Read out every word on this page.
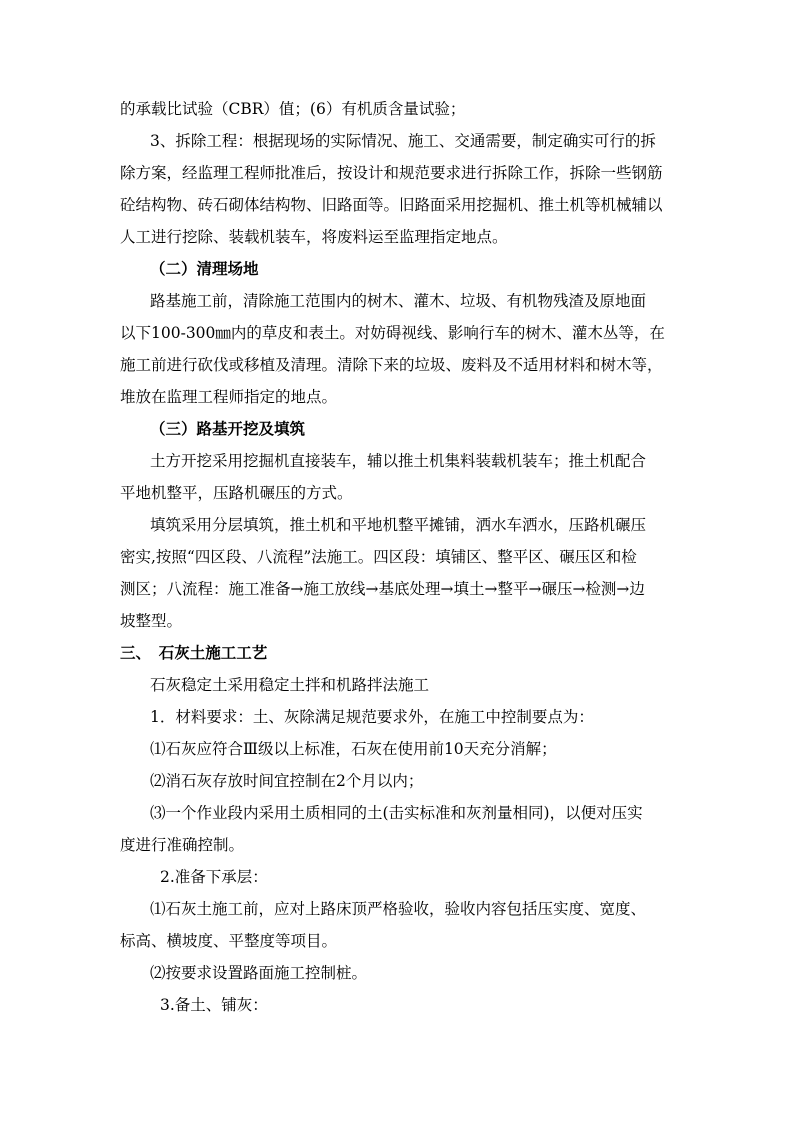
的承载比试验（CBR）值；(6）有机质含量试验；
3、拆除工程：根据现场的实际情况、施工、交通需要，制定确实可行的拆
除方案，经监理工程师批准后，按设计和规范要求进行拆除工作，拆除一些钢筋
砼结构物、砖石砌体结构物、旧路面等。旧路面采用挖掘机、推土机等机械辅以
人工进行挖除、装载机装车，将废料运至监理指定地点。
（二）清理场地
路基施工前，清除施工范围内的树木、灌木、垃圾、有机物残渣及原地面
以下100-300㎜内的草皮和表土。对妨碍视线、影响行车的树木、灌木丛等，在
施工前进行砍伐或移植及清理。清除下来的垃圾、废料及不适用材料和树木等，
堆放在监理工程师指定的地点。
（三）路基开挖及填筑
土方开挖采用挖掘机直接装车，辅以推土机集料装载机装车；推土机配合
平地机整平，压路机碾压的方式。
填筑采用分层填筑，推土机和平地机整平摊铺，洒水车洒水，压路机碾压
密实,按照“四区段、八流程”法施工。四区段：填铺区、整平区、碾压区和检
测区；八流程：施工准备→施工放线→基底处理→填土→整平→碾压→检测→边
坡整型。
三、　石灰土施工工艺
石灰稳定土采用稳定土拌和机路拌法施工
1．材料要求：土、灰除满足规范要求外，在施工中控制要点为：
⑴石灰应符合Ⅲ级以上标准，石灰在使用前10天充分消解；
⑵消石灰存放时间宜控制在2个月以内；
⑶一个作业段内采用土质相同的土(击实标准和灰剂量相同)，以便对压实
度进行准确控制。
2.准备下承层：
⑴石灰土施工前，应对上路床顶严格验收，验收内容包括压实度、宽度、
标高、横坡度、平整度等项目。
⑵按要求设置路面施工控制桩。
3.备土、铺灰：
